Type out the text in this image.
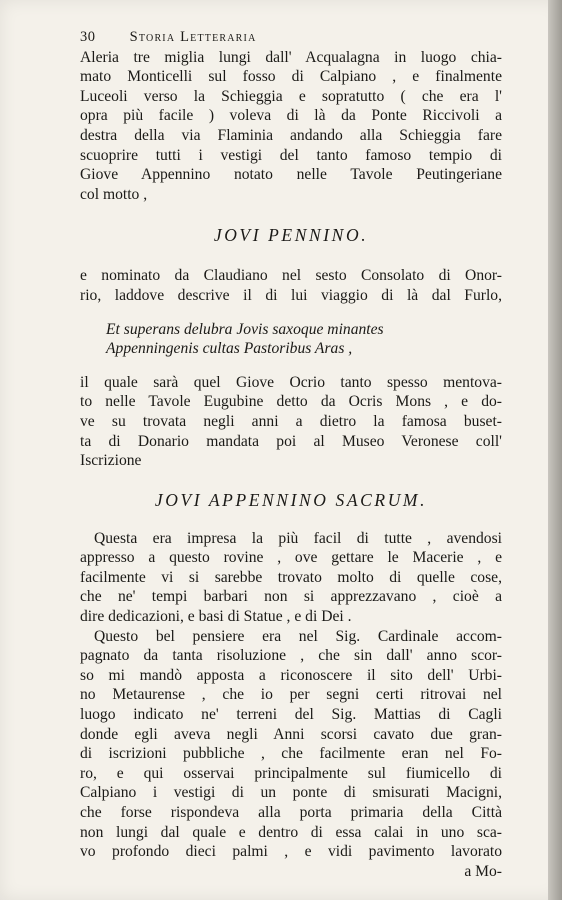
30 Storia Letteraria
Aleria tre miglia lungi dall' Acqualagna in luogo chia-
mato Monticelli sul fosso di Calpiano , e finalmente
Luceoli verso la Schieggia e sopratutto ( che era l'
opra più facile ) voleva di là da Ponte Riccivoli a
destra della via Flaminia andando alla Schieggia fare
scuoprire tutti i vestigi del tanto famoso tempio di
Giove Appennino notato nelle Tavole Peutingeriane
col motto ,
JOVI PENNINO.
e nominato da Claudiano nel sesto Consolato di Onor-
rio, laddove descrive il di lui viaggio di là dal Furlo,
Et superans delubra Jovis saxoque minantes
Appenningenis cultas Pastoribus Aras ,
il quale sarà quel Giove Ocrio tanto spesso mentova-
to nelle Tavole Eugubine detto da Ocris Mons , e do-
ve su trovata negli anni a dietro la famosa buset-
ta di Donario mandata poi al Museo Veronese coll'
Iscrizione
JOVI APPENNINO SACRUM.
Questa era impresa la più facil di tutte , avendosi
appresso a questo rovine , ove gettare le Macerie , e
facilmente vi si sarebbe trovato molto di quelle cose,
che ne' tempi barbari non si apprezzavano , cioè a
dire dedicazioni, e basi di Statue , e di Dei .
Questo bel pensiere era nel Sig. Cardinale accom-
pagnato da tanta risoluzione , che sin dall' anno scor-
so mi mandò apposta a riconoscere il sito dell' Urbi-
no Metaurense , che io per segni certi ritrovai nel
luogo indicato ne' terreni del Sig. Mattias di Cagli
donde egli aveva negli Anni scorsi cavato due gran-
di iscrizioni pubbliche , che facilmente eran nel Fo-
ro, e qui osservai principalmente sul fiumicello di
Calpiano i vestigi di un ponte di smisurati Macigni,
che forse rispondeva alla porta primaria della Città
non lungi dal quale e dentro di essa calai in uno sca-
vo profondo dieci palmi , e vidi pavimento lavorato
a Mo-
